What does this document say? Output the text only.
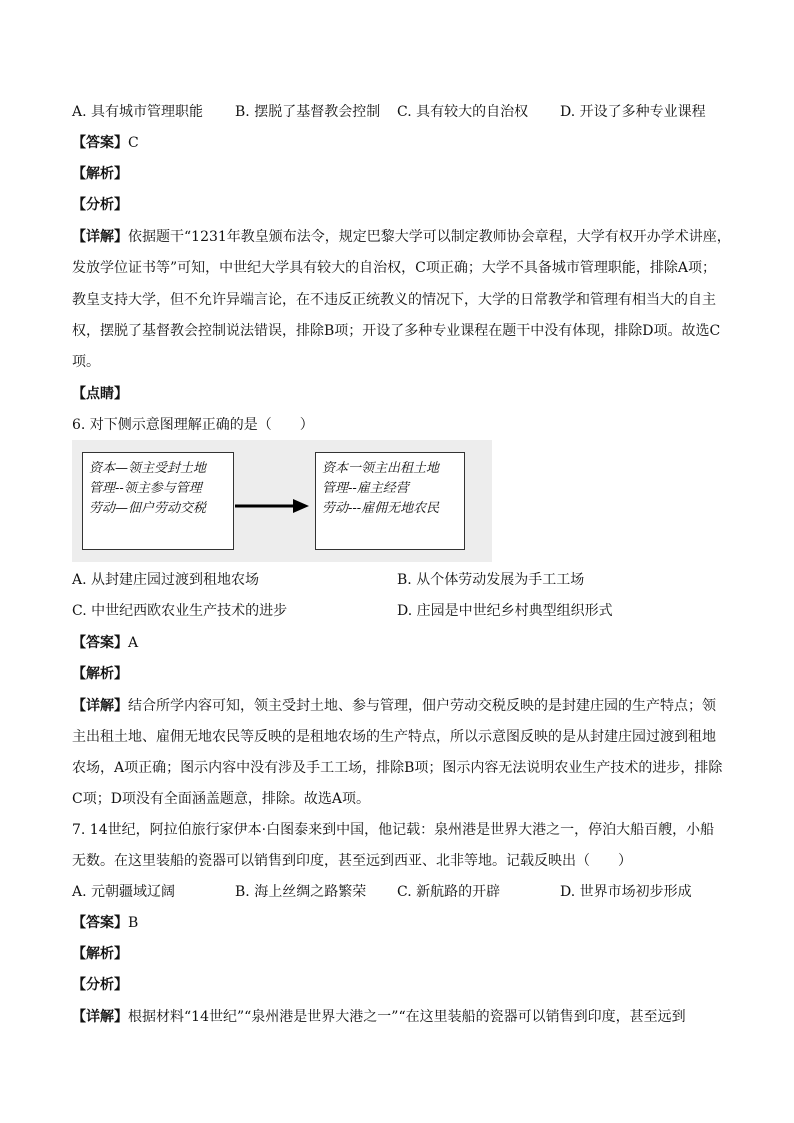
A. 具有城市管理职能 B. 摆脱了基督教会控制 C. 具有较大的自治权 D. 开设了多种专业课程
【答案】C
【解析】
【分析】
【详解】依据题干“1231年教皇颁布法令，规定巴黎大学可以制定教师协会章程，大学有权开办学术讲座，
发放学位证书等”可知，中世纪大学具有较大的自治权，C项正确；大学不具备城市管理职能，排除A项；
教皇支持大学，但不允许异端言论，在不违反正统教义的情况下，大学的日常教学和管理有相当大的自主
权，摆脱了基督教会控制说法错误，排除B项；开设了多种专业课程在题干中没有体现，排除D项。故选C
项。
【点睛】
6. 对下侧示意图理解正确的是（　　）
资本—领主受封土地
管理--领主参与管理
劳动—佃户劳动交税
资本一领主出租土地
管理--雇主经营
劳动---雇佣无地农民
A. 从封建庄园过渡到租地农场	B. 从个体劳动发展为手工工场
C. 中世纪西欧农业生产技术的进步	D. 庄园是中世纪乡村典型组织形式
【答案】A
【解析】
【详解】结合所学内容可知，领主受封土地、参与管理，佃户劳动交税反映的是封建庄园的生产特点；领
主出租土地、雇佣无地农民等反映的是租地农场的生产特点，所以示意图反映的是从封建庄园过渡到租地
农场，A项正确；图示内容中没有涉及手工工场，排除B项；图示内容无法说明农业生产技术的进步，排除
C项；D项没有全面涵盖题意，排除。故选A项。
7. 14世纪，阿拉伯旅行家伊本·白图泰来到中国，他记载：泉州港是世界大港之一，停泊大船百艘，小船
无数。在这里装船的瓷器可以销售到印度，甚至远到西亚、北非等地。记载反映出（　　）
A. 元朝疆域辽阔	B. 海上丝绸之路繁荣 C. 新航路的开辟	D. 世界市场初步形成
【答案】B
【解析】
【分析】
【详解】根据材料“14世纪”“泉州港是世界大港之一”“在这里装船的瓷器可以销售到印度，甚至远到
